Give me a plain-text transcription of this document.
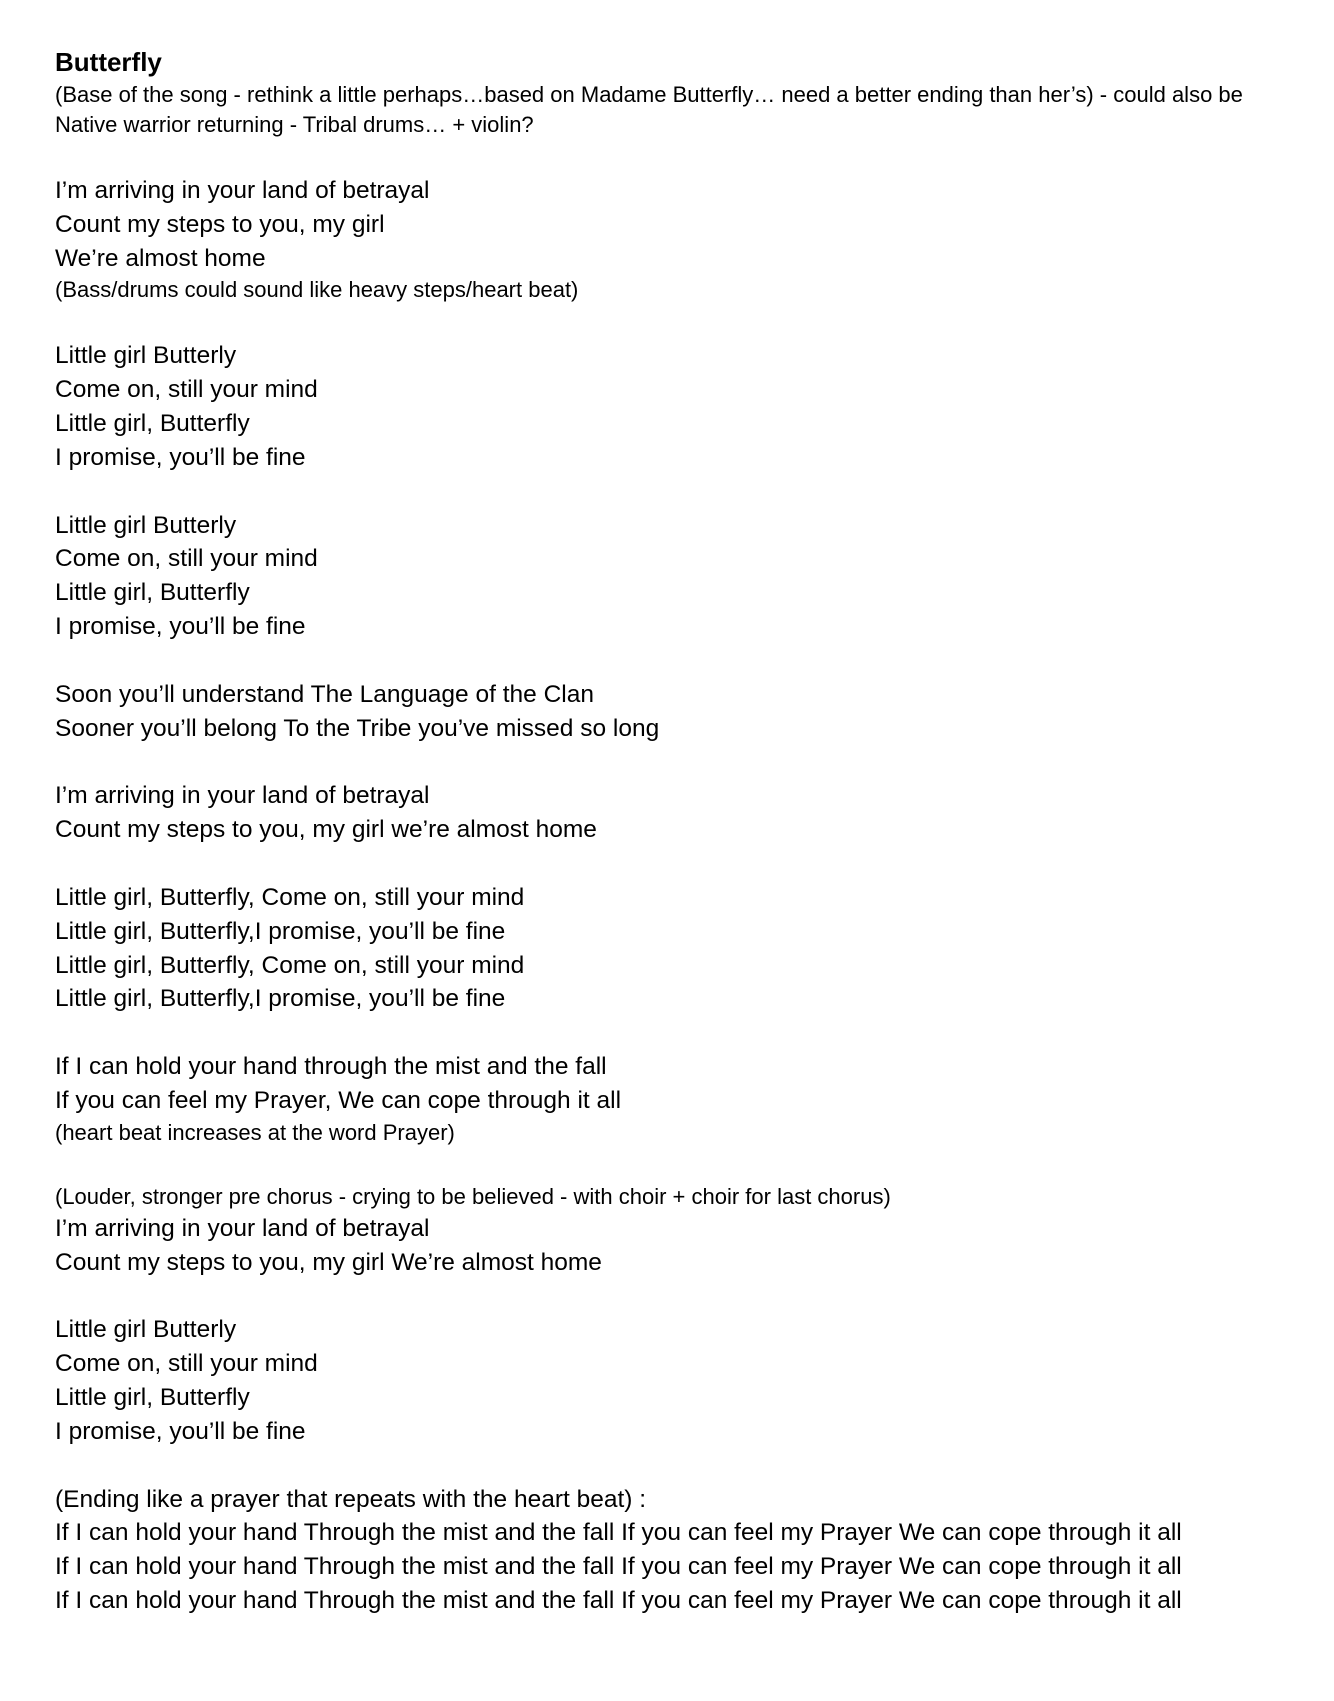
Butterfly
(Base of the song - rethink a little perhaps…based on Madame Butterfly… need a better ending than her’s) - could also be Native warrior returning - Tribal drums… + violin?
I’m arriving in your land of betrayal
Count my steps to you, my girl
We’re almost home
(Bass/drums could sound like heavy steps/heart beat)
Little girl Butterly
Come on, still your mind
Little girl, Butterfly
I promise, you’ll be fine
Little girl Butterly
Come on, still your mind
Little girl, Butterfly
I promise, you’ll be fine
Soon you’ll understand The Language of the Clan
Sooner you’ll belong To the Tribe you’ve missed so long
I’m arriving in your land of betrayal
Count my steps to you, my girl we’re almost home
Little girl, Butterfly, Come on, still your mind
Little girl, Butterfly,I promise, you’ll be fine
Little girl, Butterfly, Come on, still your mind
Little girl, Butterfly,I promise, you’ll be fine
If I can hold your hand through the mist and the fall
If you can feel my Prayer, We can cope through it all
(heart beat increases at the word Prayer)
(Louder, stronger pre chorus - crying to be believed - with choir + choir for last chorus)
I’m arriving in your land of betrayal
Count my steps to you, my girl We’re almost home
Little girl Butterly
Come on, still your mind
Little girl, Butterfly
I promise, you’ll be fine
(Ending like a prayer that repeats with the heart beat) :
If I can hold your hand Through the mist and the fall If you can feel my Prayer We can cope through it all
If I can hold your hand Through the mist and the fall If you can feel my Prayer We can cope through it all
If I can hold your hand Through the mist and the fall If you can feel my Prayer We can cope through it all
